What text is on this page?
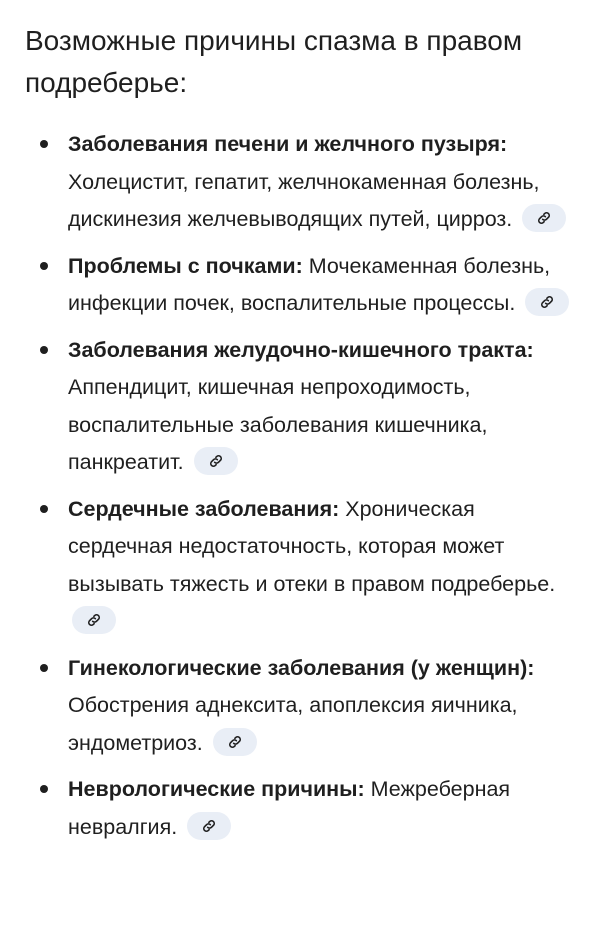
Возможные причины спазма в правом подреберье:
Заболевания печени и желчного пузыря: Холецистит, гепатит, желчнокаменная болезнь, дискинезия желчевыводящих путей, цирроз.
Проблемы с почками: Мочекаменная болезнь, инфекции почек, воспалительные процессы.
Заболевания желудочно-кишечного тракта: Аппендицит, кишечная непроходимость, воспалительные заболевания кишечника, панкреатит.
Сердечные заболевания: Хроническая сердечная недостаточность, которая может вызывать тяжесть и отеки в правом подреберье.
Гинекологические заболевания (у женщин): Обострения аднексита, апоплексия яичника, эндометриоз.
Неврологические причины: Межреберная невралгия.
